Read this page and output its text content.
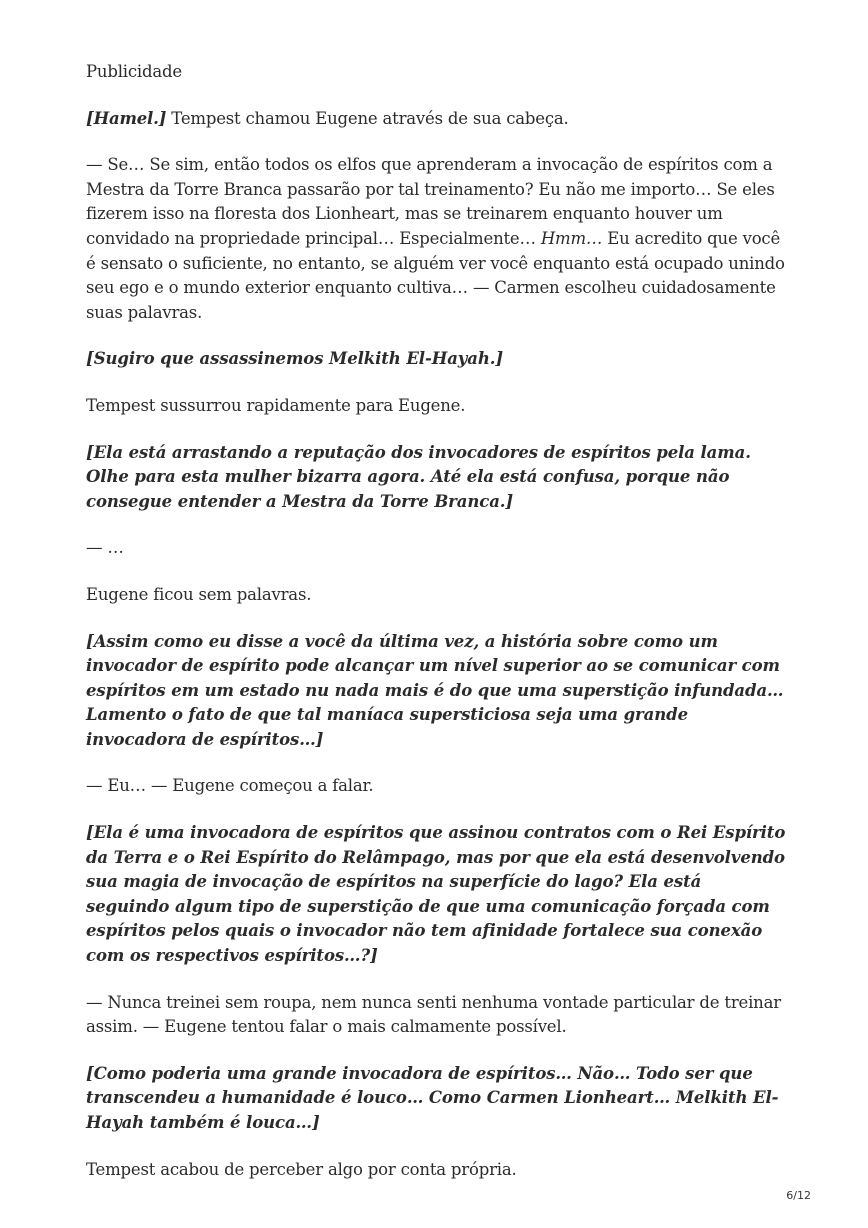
Publicidade

[Hamel.] Tempest chamou Eugene através de sua cabeça.

— Se… Se sim, então todos os elfos que aprenderam a invocação de espíritos com a Mestra da Torre Branca passarão por tal treinamento? Eu não me importo… Se eles fizerem isso na floresta dos Lionheart, mas se treinarem enquanto houver um convidado na propriedade principal… Especialmente… Hmm… Eu acredito que você é sensato o suficiente, no entanto, se alguém ver você enquanto está ocupado unindo seu ego e o mundo exterior enquanto cultiva… — Carmen escolheu cuidadosamente suas palavras.

[Sugiro que assassinemos Melkith El-Hayah.]

Tempest sussurrou rapidamente para Eugene.

[Ela está arrastando a reputação dos invocadores de espíritos pela lama. Olhe para esta mulher bizarra agora. Até ela está confusa, porque não consegue entender a Mestra da Torre Branca.]

— …

Eugene ficou sem palavras.

[Assim como eu disse a você da última vez, a história sobre como um invocador de espírito pode alcançar um nível superior ao se comunicar com espíritos em um estado nu nada mais é do que uma superstição infundada… Lamento o fato de que tal maníaca supersticiosa seja uma grande invocadora de espíritos…]

— Eu… — Eugene começou a falar.

[Ela é uma invocadora de espíritos que assinou contratos com o Rei Espírito da Terra e o Rei Espírito do Relâmpago, mas por que ela está desenvolvendo sua magia de invocação de espíritos na superfície do lago? Ela está seguindo algum tipo de superstição de que uma comunicação forçada com espíritos pelos quais o invocador não tem afinidade fortalece sua conexão com os respectivos espíritos…?]

— Nunca treinei sem roupa, nem nunca senti nenhuma vontade particular de treinar assim. — Eugene tentou falar o mais calmamente possível.

[Como poderia uma grande invocadora de espíritos… Não… Todo ser que transcendeu a humanidade é louco… Como Carmen Lionheart… Melkith El-Hayah também é louca…]

Tempest acabou de perceber algo por conta própria.

6/12
